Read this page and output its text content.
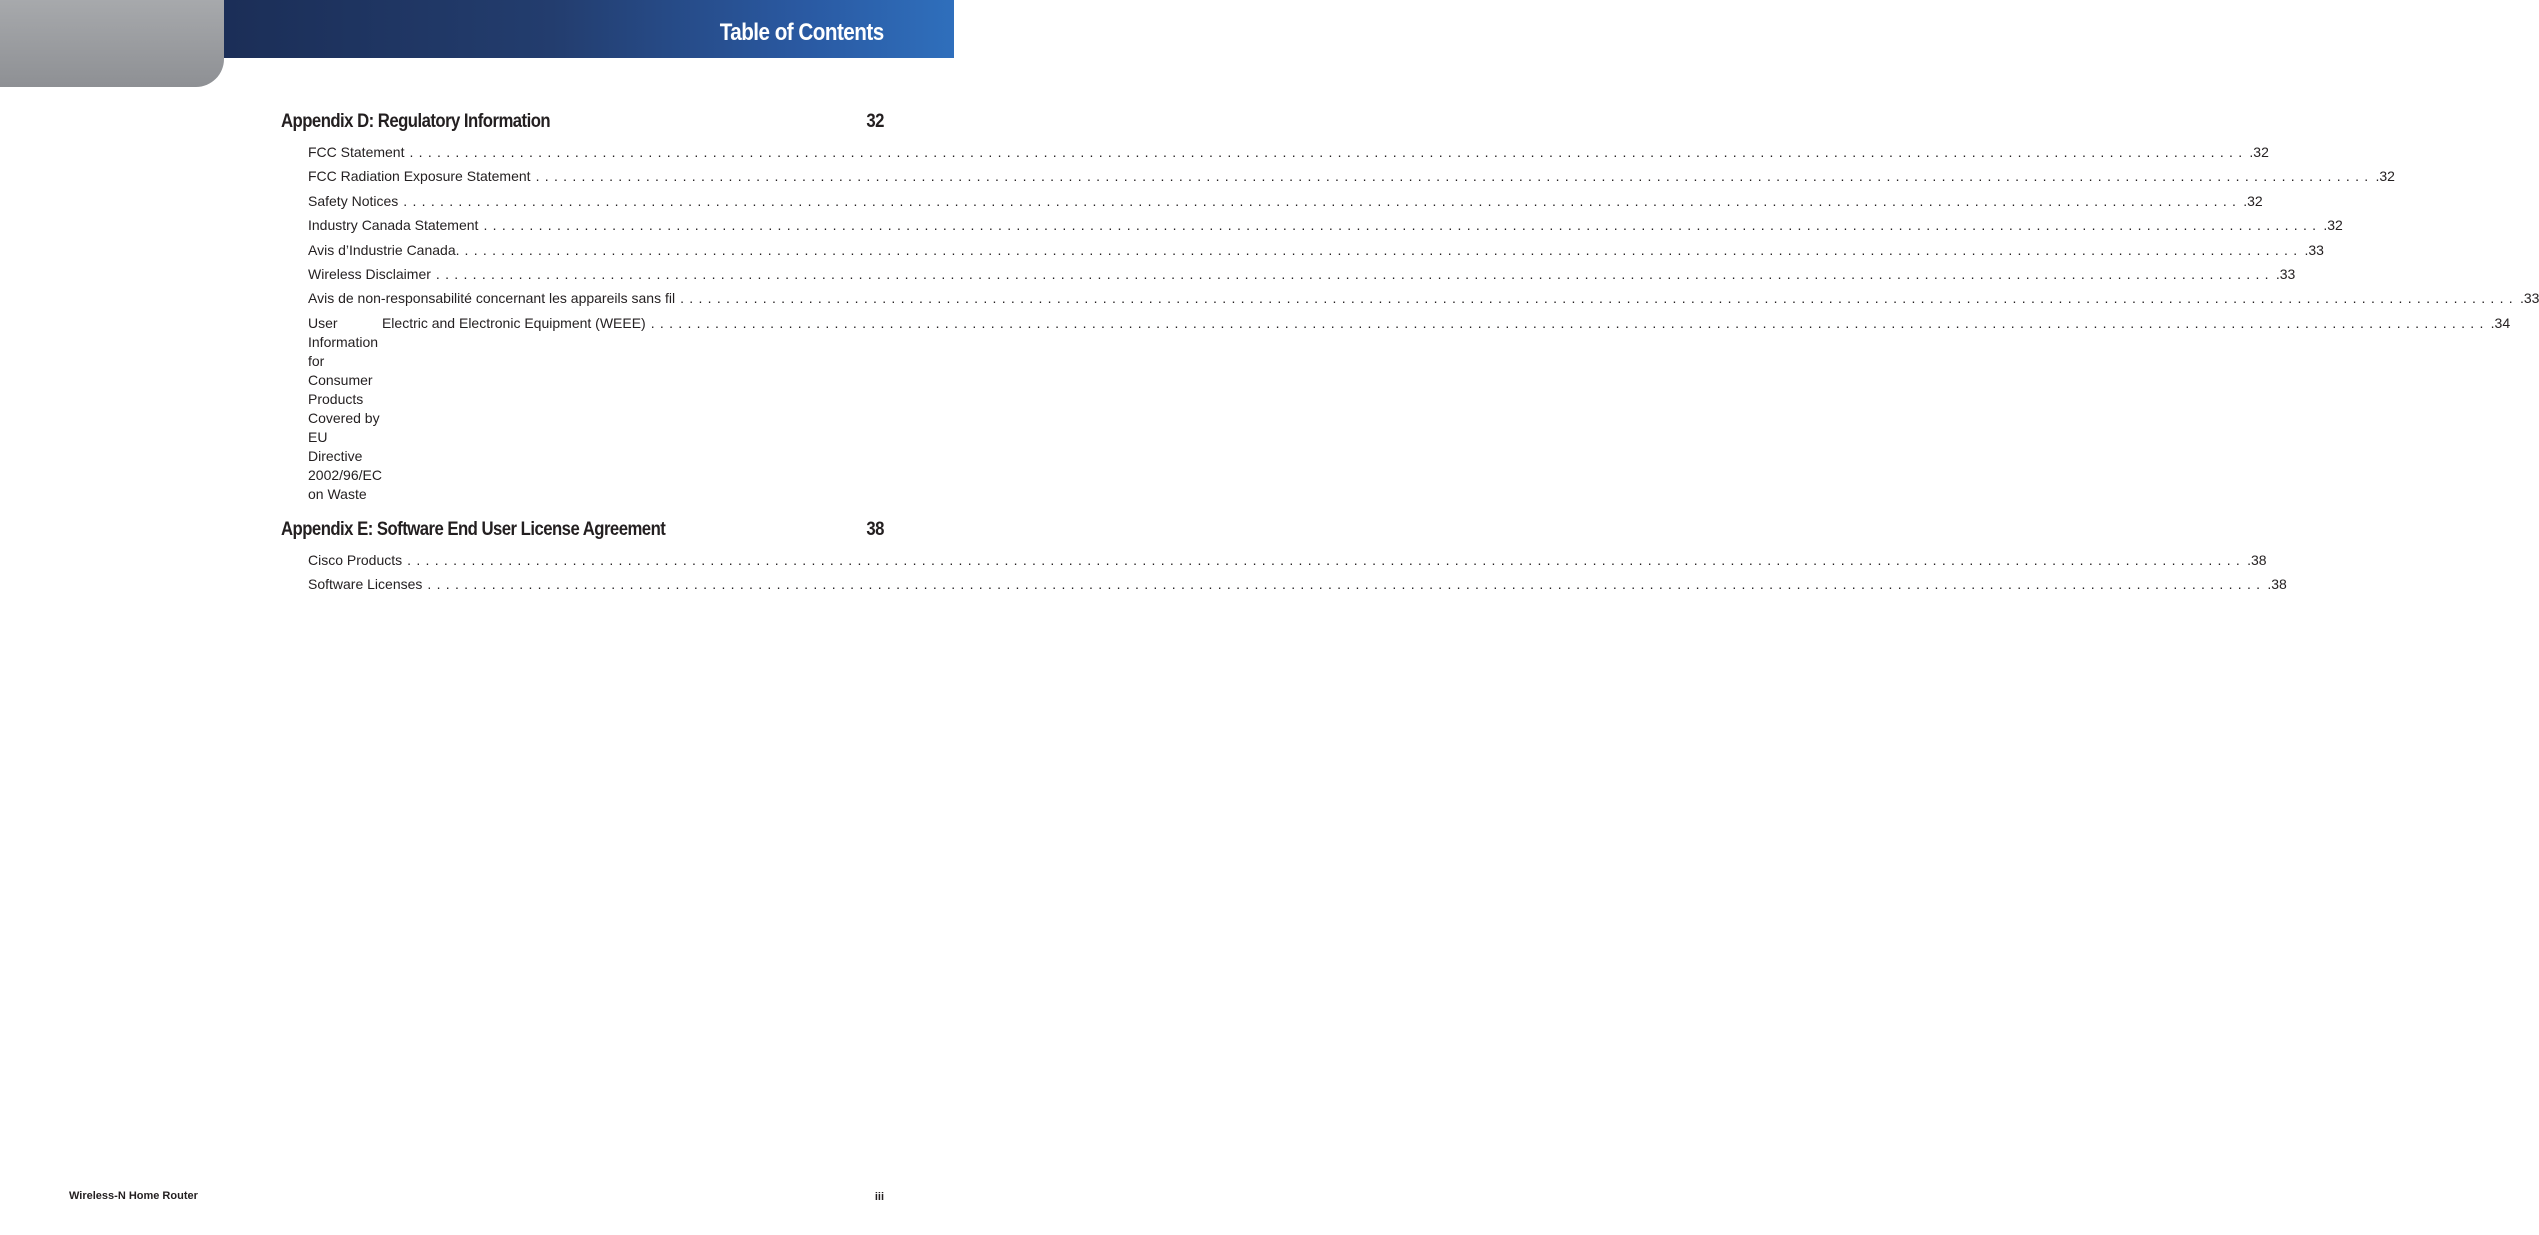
Table of Contents
Appendix D: Regulatory Information	32
FCC Statement ........................................................................................................................................................................................................ .32
FCC Radiation Exposure Statement ........................................................................................................................................................................................................ .32
Safety Notices ........................................................................................................................................................................................................ .32
Industry Canada Statement ........................................................................................................................................................................................................ .32
Avis d’Industrie Canada. ........................................................................................................................................................................................................ .33
Wireless Disclaimer ........................................................................................................................................................................................................ .33
Avis de non-responsabilité concernant les appareils sans fil ........................................................................................................................................................................................................ .33
User Information for Consumer Products Covered by EU Directive 2002/96/EC on Waste
Electric and Electronic Equipment (WEEE) ........................................................................................................................................................................................................ .34
Appendix E: Software End User License Agreement	38
Cisco Products ........................................................................................................................................................................................................ .38
Software Licenses ........................................................................................................................................................................................................ .38
Wireless-N Home Router	iii
